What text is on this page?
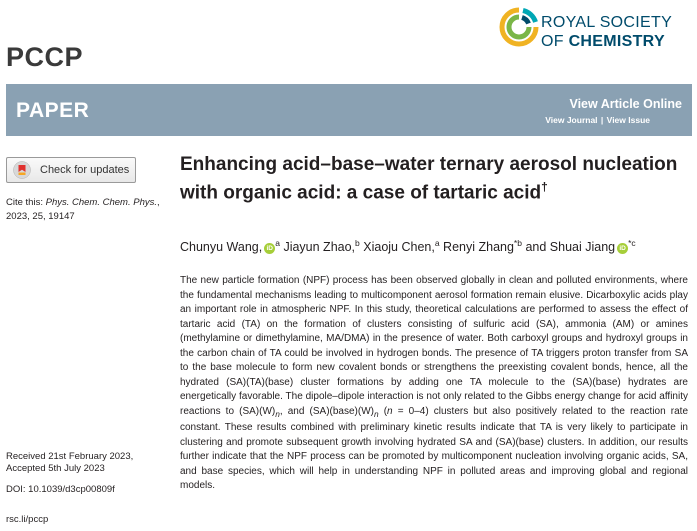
PCCP
ROYAL SOCIETY
OF CHEMISTRY
PAPER	View Article Online
View Journal | View Issue
Check for updates
Cite this: Phys. Chem. Chem. Phys., 2023, 25, 19147
Received 21st February 2023,
Accepted 5th July 2023
DOI: 10.1039/d3cp00809f
rsc.li/pccp
Enhancing acid–base–water ternary aerosol nucleation with organic acid: a case of tartaric acid†
Chunyu Wang, $iD^a$ Jiayun Zhao,$^b$ Xiaoju Chen,$^a$ Renyi Zhang$^{*b}$ and Shuai Jiang $iD^{*c}$
The new particle formation (NPF) process has been observed globally in clean and polluted environments, where the fundamental mechanisms leading to multicomponent aerosol formation remain elusive. Dicarboxylic acids play an important role in atmospheric NPF. In this study, theoretical calculations are performed to assess the effect of tartaric acid (TA) on the formation of clusters consisting of sulfuric acid (SA), ammonia (AM) or amines (methylamine or dimethylamine, MA/DMA) in the presence of water. Both carboxyl groups and hydroxyl groups in the carbon chain of TA could be involved in hydrogen bonds. The presence of TA triggers proton transfer from SA to the base molecule to form new covalent bonds or strengthens the preexisting covalent bonds, hence, all the hydrated (SA)(TA)(base) cluster formations by adding one TA molecule to the (SA)(base) hydrates are energetically favorable. The dipole–dipole interaction is not only related to the Gibbs energy change for acid affinity reactions to $(SA)(W)_n$, and $(SA)(base)(W)_n$ (n = 0–4) clusters but also positively related to the reaction rate constant. These results combined with preliminary kinetic results indicate that TA is very likely to participate in clustering and promote subsequent growth involving hydrated SA and (SA)(base) clusters. In addition, our results further indicate that the NPF process can be promoted by multicomponent nucleation involving organic acids, SA, and base species, which will help in understanding NPF in polluted areas and improving global and regional models.
